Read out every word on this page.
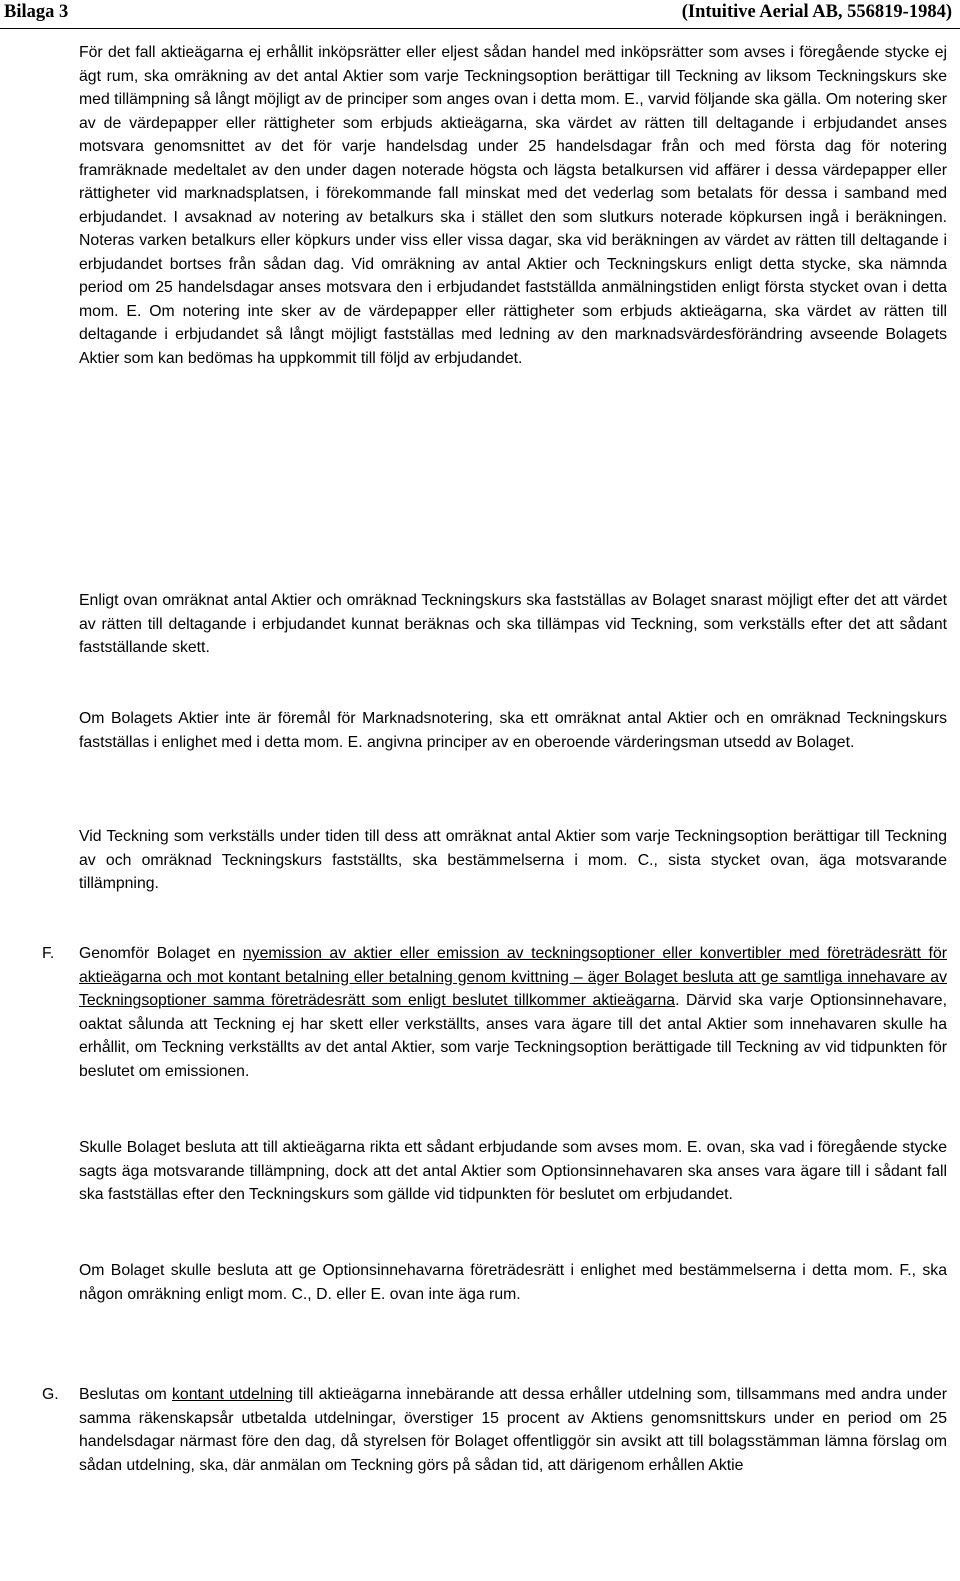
Bilaga 3	(Intuitive Aerial AB, 556819-1984)

För det fall aktieägarna ej erhållit inköpsrätter eller eljest sådan handel med inköpsrätter som avses i föregående stycke ej ägt rum, ska omräkning av det antal Aktier som varje Teckningsoption berättigar till Teckning av liksom Teckningskurs ske med tillämpning så långt möjligt av de principer som anges ovan i detta mom. E., varvid följande ska gälla. Om notering sker av de värdepapper eller rättigheter som erbjuds aktieägarna, ska värdet av rätten till deltagande i erbjudandet anses motsvara genomsnittet av det för varje handelsdag under 25 handelsdagar från och med första dag för notering framräknade medeltalet av den under dagen noterade högsta och lägsta betalkursen vid affärer i dessa värdepapper eller rättigheter vid marknadsplatsen, i förekommande fall minskat med det vederlag som betalats för dessa i samband med erbjudandet. I avsaknad av notering av betalkurs ska i stället den som slutkurs noterade köpkursen ingå i beräkningen. Noteras varken betalkurs eller köpkurs under viss eller vissa dagar, ska vid beräkningen av värdet av rätten till deltagande i erbjudandet bortses från sådan dag. Vid omräkning av antal Aktier och Teckningskurs enligt detta stycke, ska nämnda period om 25 handelsdagar anses motsvara den i erbjudandet fastställda anmälningstiden enligt första stycket ovan i detta mom. E. Om notering inte sker av de värdepapper eller rättigheter som erbjuds aktieägarna, ska värdet av rätten till deltagande i erbjudandet så långt möjligt fastställas med ledning av den marknadsvärdesförändring avseende Bolagets Aktier som kan bedömas ha uppkommit till följd av erbjudandet.

Enligt ovan omräknat antal Aktier och omräknad Teckningskurs ska fastställas av Bolaget snarast möjligt efter det att värdet av rätten till deltagande i erbjudandet kunnat beräknas och ska tillämpas vid Teckning, som verkställs efter det att sådant fastställande skett.

Om Bolagets Aktier inte är föremål för Marknadsnotering, ska ett omräknat antal Aktier och en omräknad Teckningskurs fastställas i enlighet med i detta mom. E. angivna principer av en oberoende värderingsman utsedd av Bolaget.

Vid Teckning som verkställs under tiden till dess att omräknat antal Aktier som varje Teckningsoption berättigar till Teckning av och omräknad Teckningskurs fastställts, ska bestämmelserna i mom. C., sista stycket ovan, äga motsvarande tillämpning.

F.	Genomför Bolaget en nyemission av aktier eller emission av teckningsoptioner eller konvertibler med företrädesrätt för aktieägarna och mot kontant betalning eller betalning genom kvittning – äger Bolaget besluta att ge samtliga innehavare av Teckningsoptioner samma företrädesrätt som enligt beslutet tillkommer aktieägarna. Därvid ska varje Optionsinnehavare, oaktat sålunda att Teckning ej har skett eller verkställts, anses vara ägare till det antal Aktier som innehavaren skulle ha erhållit, om Teckning verkställts av det antal Aktier, som varje Teckningsoption berättigade till Teckning av vid tidpunkten för beslutet om emissionen.

Skulle Bolaget besluta att till aktieägarna rikta ett sådant erbjudande som avses mom. E. ovan, ska vad i föregående stycke sagts äga motsvarande tillämpning, dock att det antal Aktier som Optionsinnehavaren ska anses vara ägare till i sådant fall ska fastställas efter den Teckningskurs som gällde vid tidpunkten för beslutet om erbjudandet.

Om Bolaget skulle besluta att ge Optionsinnehavarna företrädesrätt i enlighet med bestämmelserna i detta mom. F., ska någon omräkning enligt mom. C., D. eller E. ovan inte äga rum.

G.	Beslutas om kontant utdelning till aktieägarna innebärande att dessa erhåller utdelning som, tillsammans med andra under samma räkenskapsår utbetalda utdelningar, överstiger 15 procent av Aktiens genomsnittskurs under en period om 25 handelsdagar närmast före den dag, då styrelsen för Bolaget offentliggör sin avsikt att till bolagsstämman lämna förslag om sådan utdelning, ska, där anmälan om Teckning görs på sådan tid, att därigenom erhållen Aktie
